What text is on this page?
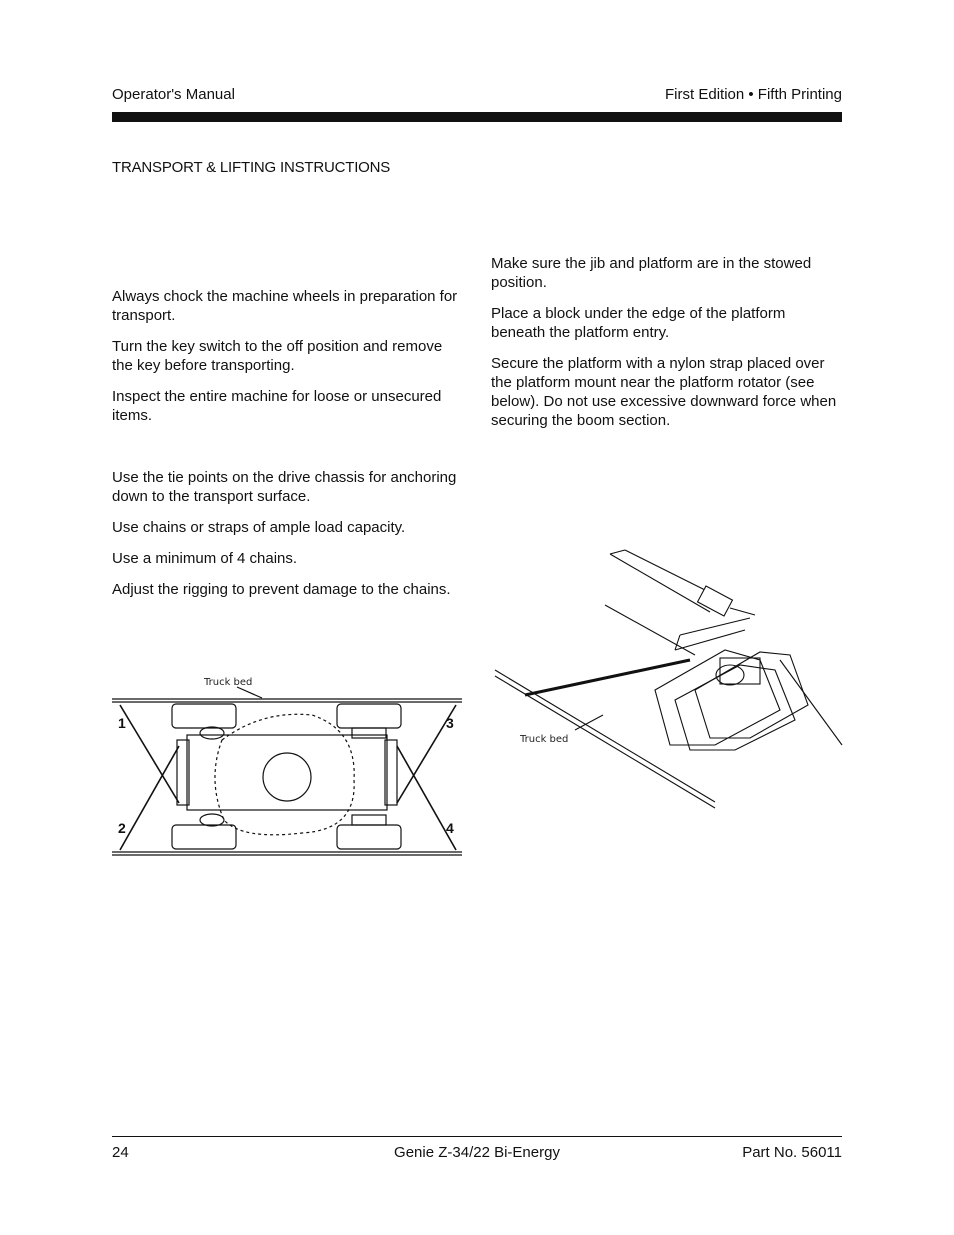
Operator's Manual	First Edition • Fifth Printing
TRANSPORT & LIFTING INSTRUCTIONS

Always chock the machine wheels in preparation for transport.

Turn the key switch to the off position and remove the key before transporting.

Inspect the entire machine for loose or unsecured items.

Use the tie points on the drive chassis for anchoring down to the transport surface.

Use chains or straps of ample load capacity.

Use a minimum of 4 chains.

Adjust the rigging to prevent damage to the chains.

Make sure the jib and platform are in the stowed position.

Place a block under the edge of the platform beneath the platform entry.

Secure the platform with a nylon strap placed over the platform mount near the platform rotator (see below). Do not use excessive downward force when securing the boom section.

Truck bed
1
2
3
4
Truck bed
24	Genie Z-34/22 Bi-Energy	Part No. 56011
